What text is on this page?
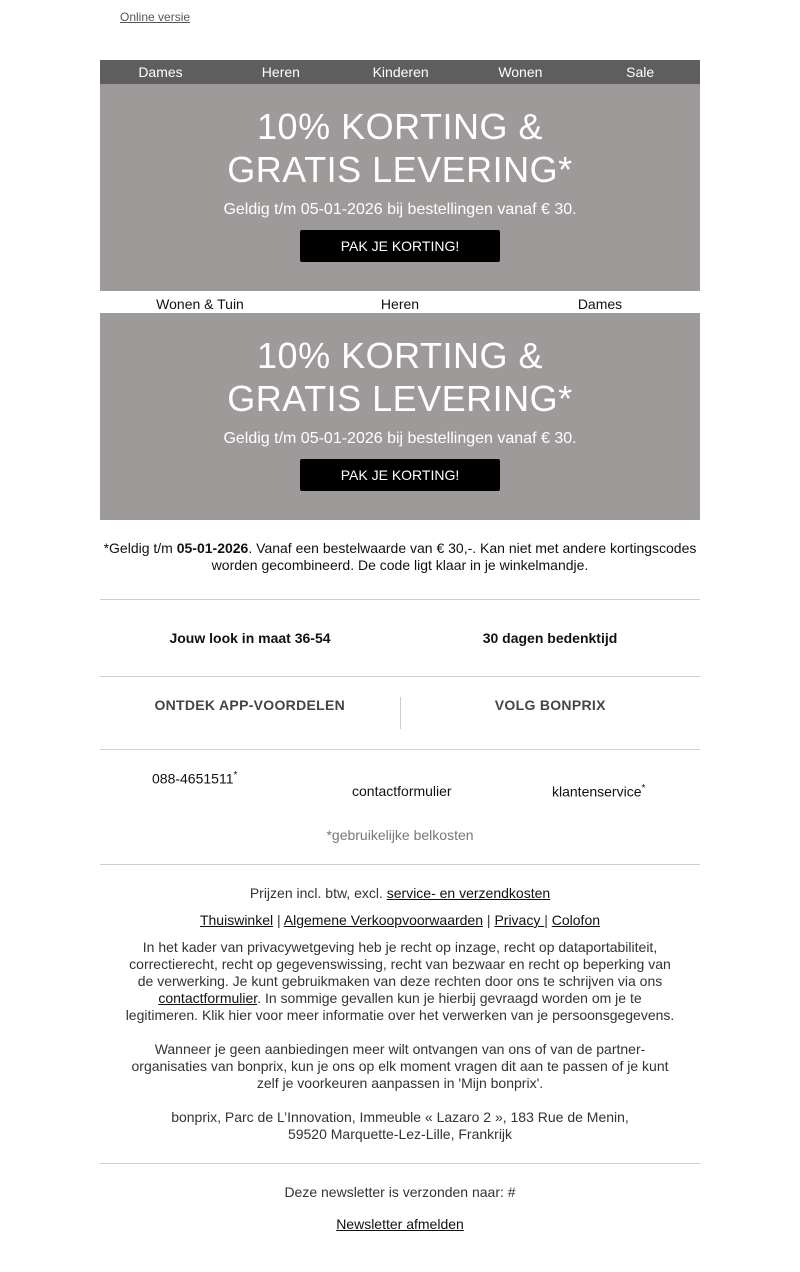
Online versie
Dames	Heren	Kinderen	Wonen	Sale
10% KORTING &
GRATIS LEVERING*

Geldig t/m 05-01-2026 bij bestellingen vanaf € 30.

PAK JE KORTING!
Wonen & Tuin	Heren	Dames
10% KORTING &
GRATIS LEVERING*

Geldig t/m 05-01-2026 bij bestellingen vanaf € 30.

PAK JE KORTING!
*Geldig t/m 05-01-2026. Vanaf een bestelwaarde van € 30,-. Kan niet met andere kortingscodes worden gecombineerd. De code ligt klaar in je winkelmandje.
Jouw look in maat 36-54	30 dagen bedenktijd
ONTDEK APP-VOORDELEN	VOLG BONPRIX
088-4651511*
contactformulier	klantenservice*
*gebruikelijke belkosten
Prijzen incl. btw, excl. service- en verzendkosten
Thuiswinkel | Algemene Verkoopvoorwaarden | Privacy | Colofon

In het kader van privacywetgeving heb je recht op inzage, recht op dataportabiliteit, correctierecht, recht op gegevenswissing, recht van bezwaar en recht op beperking van de verwerking. Je kunt gebruikmaken van deze rechten door ons te schrijven via ons contactformulier. In sommige gevallen kun je hierbij gevraagd worden om je te legitimeren. Klik hier voor meer informatie over het verwerken van je persoonsgegevens.

Wanneer je geen aanbiedingen meer wilt ontvangen van ons of van de partner-organisaties van bonprix, kun je ons op elk moment vragen dit aan te passen of je kunt zelf je voorkeuren aanpassen in 'Mijn bonprix'.

bonprix, Parc de L’Innovation, Immeuble « Lazaro 2 », 183 Rue de Menin, 59520 Marquette-Lez-Lille, Frankrijk

Deze newsletter is verzonden naar: #
Newsletter afmelden
